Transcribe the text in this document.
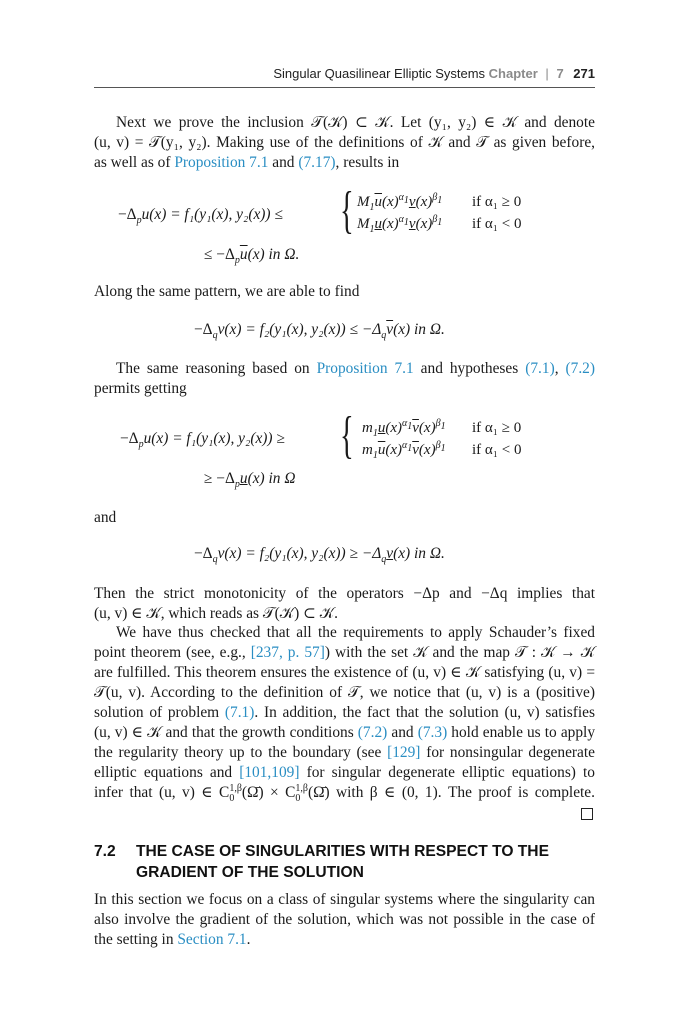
Singular Quasilinear Elliptic Systems Chapter | 7 271
Next we prove the inclusion 𝒯(𝒦) ⊂ 𝒦. Let (y₁, y₂) ∈ 𝒦 and denote
(u, v) = 𝒯(y₁, y₂). Making use of the definitions of 𝒦 and 𝒯 as given before,
as well as of Proposition 7.1 and (7.17), results in
$-\Delta_pu(x) = f_1(y_1(x)$, y₂(x)) ≤ { $M_1\overline{u}(x)^{\alpha_1}v(x)^{\beta_1}$ if α₁ ≥ 0
$M_1u(x)^{\alpha_1}v(x)^{\beta_1}$ if α₁ < 0
≤ $-\Delta_p\overline{u}(x)$ in Ω.
Along the same pattern, we are able to find
$-\Delta_qv(x) = f_2(y_1(x)$, $y_2(x)) \le -\Delta_q\overline{v}(x)$ in Ω.
The same reasoning based on Proposition 7.1 and hypotheses (7.1), (7.2)
permits getting
$-\Delta_pu(x) = f_1(y_1(x)$, y₂(x)) ≥ { $m_1u(x)^{\alpha_1}\overline{v}(x)^{\beta_1}$ if α₁ ≥ 0
$m_1\overline{u}(x)^{\alpha_1}\overline{v}(x)^{\beta_1}$ if α₁ < 0
≥ $-\Delta_pu(x)$ in Ω
and
$-\Delta_qv(x) = f_2(y_1(x)$, $y_2(x)) \ge -\Delta_qv(x)$ in Ω.
Then the strict monotonicity of the operators −Δp and −Δq implies that
(u, v) ∈ 𝒦, which reads as 𝒯(𝒦) ⊂ 𝒦.
We have thus checked that all the requirements to apply Schauder’s fixed
point theorem (see, e.g., [237, p. 57]) with the set 𝒦 and the map 𝒯 : 𝒦 → 𝒦
are fulfilled. This theorem ensures the existence of (u, v) ∈ 𝒦 satisfying (u, v) =
𝒯(u, v). According to the definition of 𝒯, we notice that (u, v) is a (positive)
solution of problem (7.1). In addition, the fact that the solution (u, v) satisfies
(u, v) ∈ 𝒦 and that the growth conditions (7.2) and (7.3) hold enable us to apply
the regularity theory up to the boundary (see [129] for nonsingular degenerate
elliptic equations and [101,109] for singular degenerate elliptic equations) to
infer that (u, v) ∈ $C_0^{1,\beta}(\Omegā)$ × $C_0^{1,\beta}(\Omegā)$ with β ∈ (0, 1). The proof is complete.
7.2 THE CASE OF SINGULARITIES WITH RESPECT TO THE
GRADIENT OF THE SOLUTION
In this section we focus on a class of singular systems where the singularity can
also involve the gradient of the solution, which was not possible in the case of
the setting in Section 7.1.
